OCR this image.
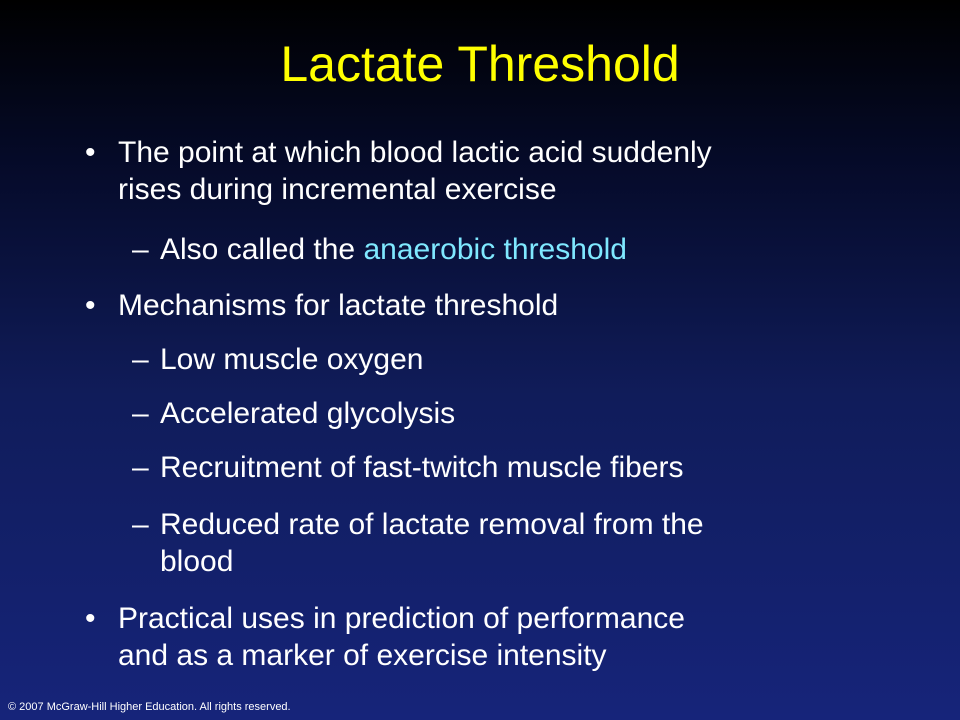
Lactate Threshold
• The point at which blood lactic acid suddenly
rises during incremental exercise
– Also called the anaerobic threshold
• Mechanisms for lactate threshold
– Low muscle oxygen
– Accelerated glycolysis
– Recruitment of fast-twitch muscle fibers
– Reduced rate of lactate removal from the
blood
• Practical uses in prediction of performance
and as a marker of exercise intensity
© 2007 McGraw-Hill Higher Education. All rights reserved.
